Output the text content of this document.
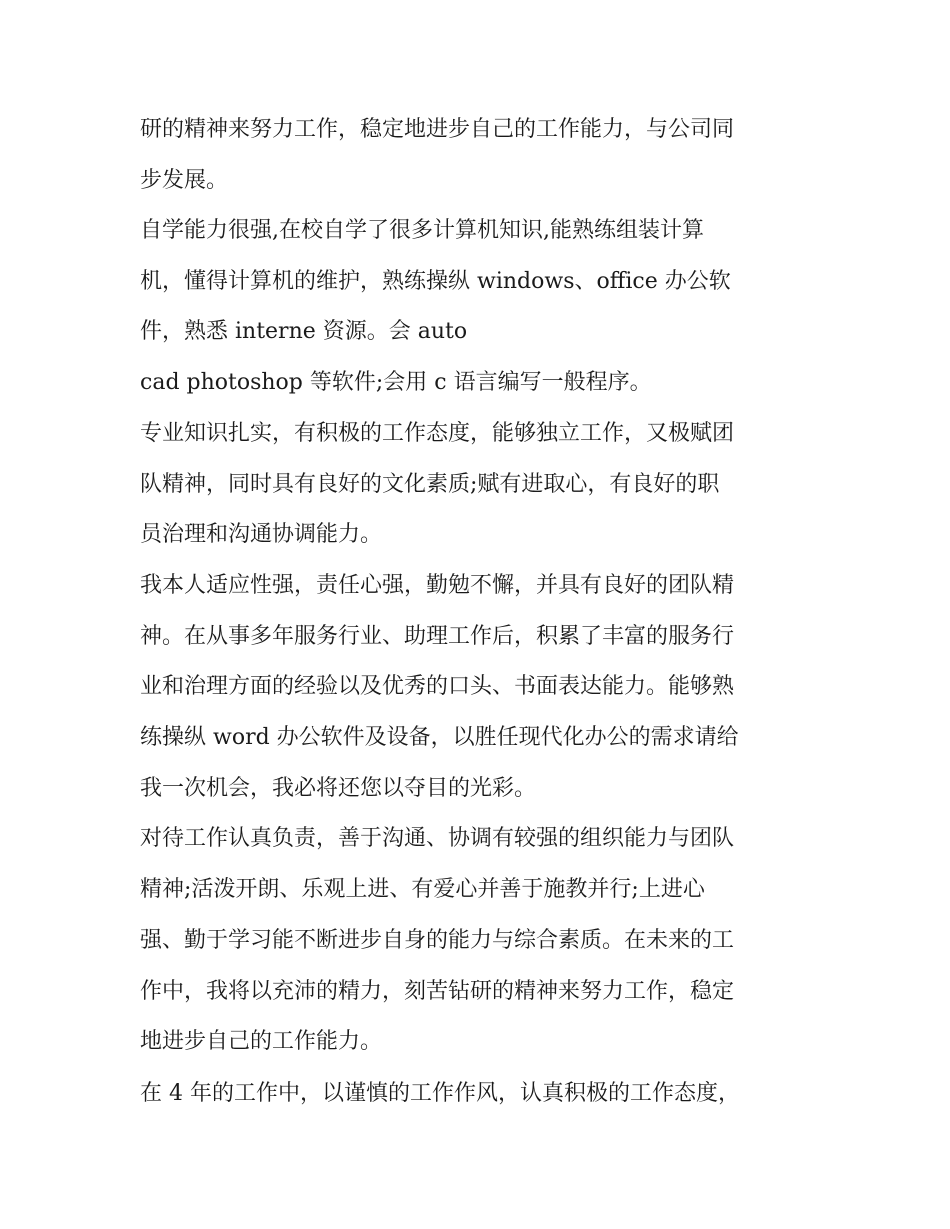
研的精神来努力工作，稳定地进步自己的工作能力，与公司同
步发展。
自学能力很强,在校自学了很多计算机知识,能熟练组装计算
机，懂得计算机的维护，熟练操纵 windows、office 办公软
件，熟悉 interne 资源。会 auto
cad photoshop 等软件;会用 c 语言编写一般程序。
专业知识扎实，有积极的工作态度，能够独立工作，又极赋团
队精神，同时具有良好的文化素质;赋有进取心，有良好的职
员治理和沟通协调能力。
我本人适应性强，责任心强，勤勉不懈，并具有良好的团队精
神。在从事多年服务行业、助理工作后，积累了丰富的服务行
业和治理方面的经验以及优秀的口头、书面表达能力。能够熟
练操纵 word 办公软件及设备，以胜任现代化办公的需求请给
我一次机会，我必将还您以夺目的光彩。
对待工作认真负责，善于沟通、协调有较强的组织能力与团队
精神;活泼开朗、乐观上进、有爱心并善于施教并行;上进心
强、勤于学习能不断进步自身的能力与综合素质。在未来的工
作中，我将以充沛的精力，刻苦钻研的精神来努力工作，稳定
地进步自己的工作能力。
在 4 年的工作中，以谨慎的工作作风，认真积极的工作态度，
